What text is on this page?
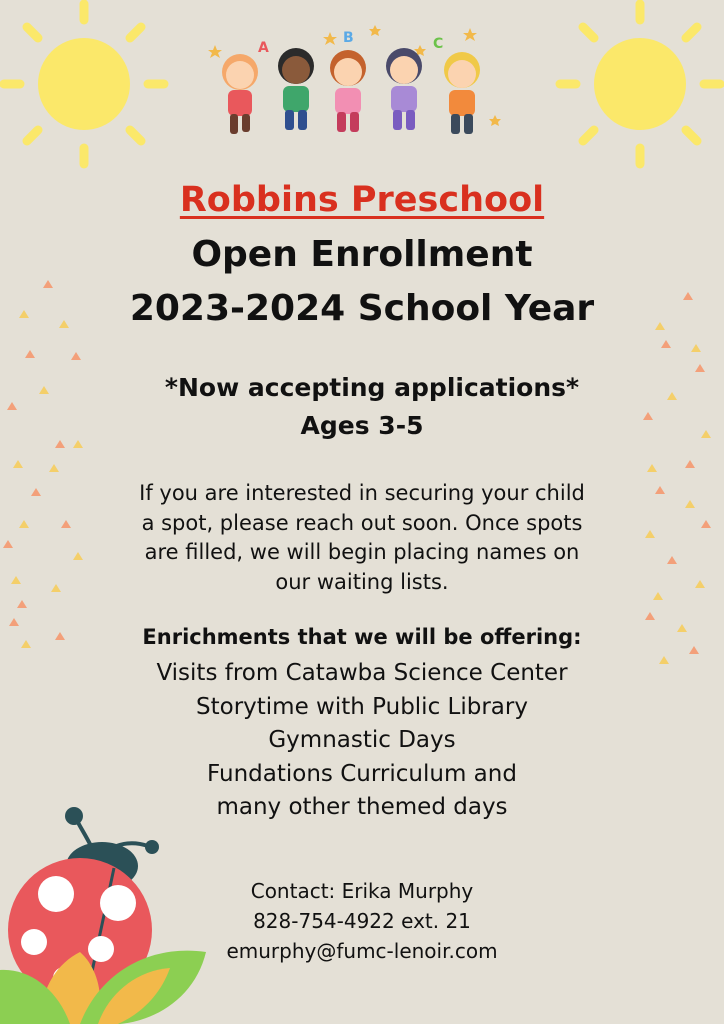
A
B	C
Robbins Preschool
Open Enrollment
2023-2024 School Year
*Now accepting applications*
Ages 3-5
If you are interested in securing your child
a spot, please reach out soon. Once spots
are filled, we will begin placing names on
our waiting lists.
Enrichments that we will be offering:
Visits from Catawba Science Center
Storytime with Public Library
Gymnastic Days
Fundations Curriculum and
many other themed days
Contact: Erika Murphy
828-754-4922 ext. 21
emurphy@fumc-lenoir.com
